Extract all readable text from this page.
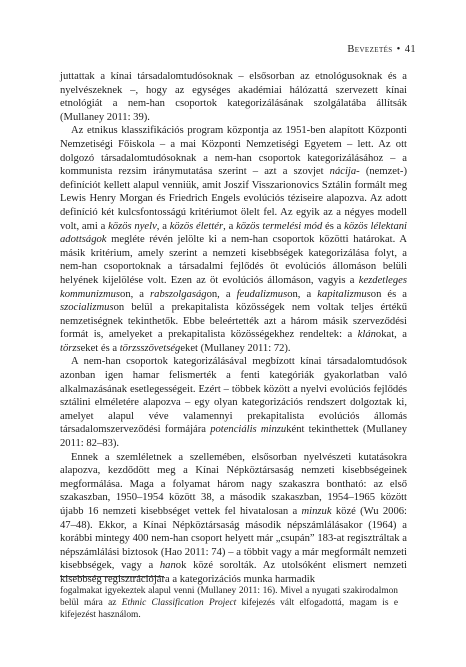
Bevezetés • 41

juttattak a kínai társadalomtudósoknak – elsősorban az etnológusoknak és a nyelvészeknek –, hogy az egységes akadémiai hálózattá szervezett kínai etnológiát a nem-han csoportok kategorizálásának szolgálatába állítsák (Mullaney 2011: 39).

Az etnikus klasszifikációs program központja az 1951-ben alapított Központi Nemzetiségi Főiskola – a mai Központi Nemzetiségi Egyetem – lett. Az ott dolgozó társadalomtudósoknak a nem-han csoportok kategorizálásához – a kommunista rezsim iránymutatása szerint – azt a szovjet nácija- (nemzet-) definíciót kellett alapul venniük, amit Joszif Visszarionovics Sztálin formált meg Lewis Henry Morgan és Friedrich Engels evolúciós téziseire alapozva. Az adott definíció két kulcsfontosságú kritériumot ölelt fel. Az egyik az a négyes modell volt, ami a közös nyelv, a közös élettér, a közös termelési mód és a közös lélektani adottságok megléte révén jelölte ki a nem-han csoportok közötti határokat. A másik kritérium, amely szerint a nemzeti kisebbségek kategorizálása folyt, a nem-han csoportoknak a társadalmi fejlődés öt evolúciós állomáson belüli helyének kijelölése volt. Ezen az öt evolúciós állomáson, vagyis a kezdetleges kommunizmuson, a rabszolgaságon, a feudalizmuson, a kapitalizmuson és a szocializmuson belül a prekapitalista közösségek nem voltak teljes értékű nemzetiségnek tekinthetők. Ebbe beleértették azt a három másik szerveződési formát is, amelyeket a prekapitalista közösségekhez rendeltek: a klánokat, a törzseket és a törzsszövetségeket (Mullaney 2011: 72).

A nem-han csoportok kategorizálásával megbízott kínai társadalomtudósok azonban igen hamar felismerték a fenti kategóriák gyakorlatban való alkalmazásának esetlegességeit. Ezért – többek között a nyelvi evolúciós fejlődés sztálini elméletére alapozva – egy olyan kategorizációs rendszert dolgoztak ki, amelyet alapul véve valamennyi prekapitalista evolúciós állomás társadalomszerveződési formájára potenciális minzuként tekinthettek (Mullaney 2011: 82–83).

Ennek a szemléletnek a szellemében, elsősorban nyelvészeti kutatásokra alapozva, kezdődött meg a Kínai Népköztársaság nemzeti kisebbségeinek megformálása. Maga a folyamat három nagy szakaszra bontható: az első szakaszban, 1950–1954 között 38, a második szakaszban, 1954–1965 között újabb 16 nemzeti kisebbséget vettek fel hivatalosan a minzuk közé (Wu 2006: 47–48). Ekkor, a Kínai Népköztársaság második népszámlálásakor (1964) a korábbi mintegy 400 nem-han csoport helyett már „csupán” 183-at regisztráltak a népszámlálási biztosok (Hao 2011: 74) – a többit vagy a már megformált nemzeti kisebbségek, vagy a hanok közé sorolták. Az utolsóként elismert nemzeti kisebbség regisztrációjára a kategorizációs munka harmadik

fogalmakat igyekeztek alapul venni (Mullaney 2011: 16). Mivel a nyugati szakirodalmon belül mára az Ethnic Classification Project kifejezés vált elfogadottá, magam is e kifejezést használom.
